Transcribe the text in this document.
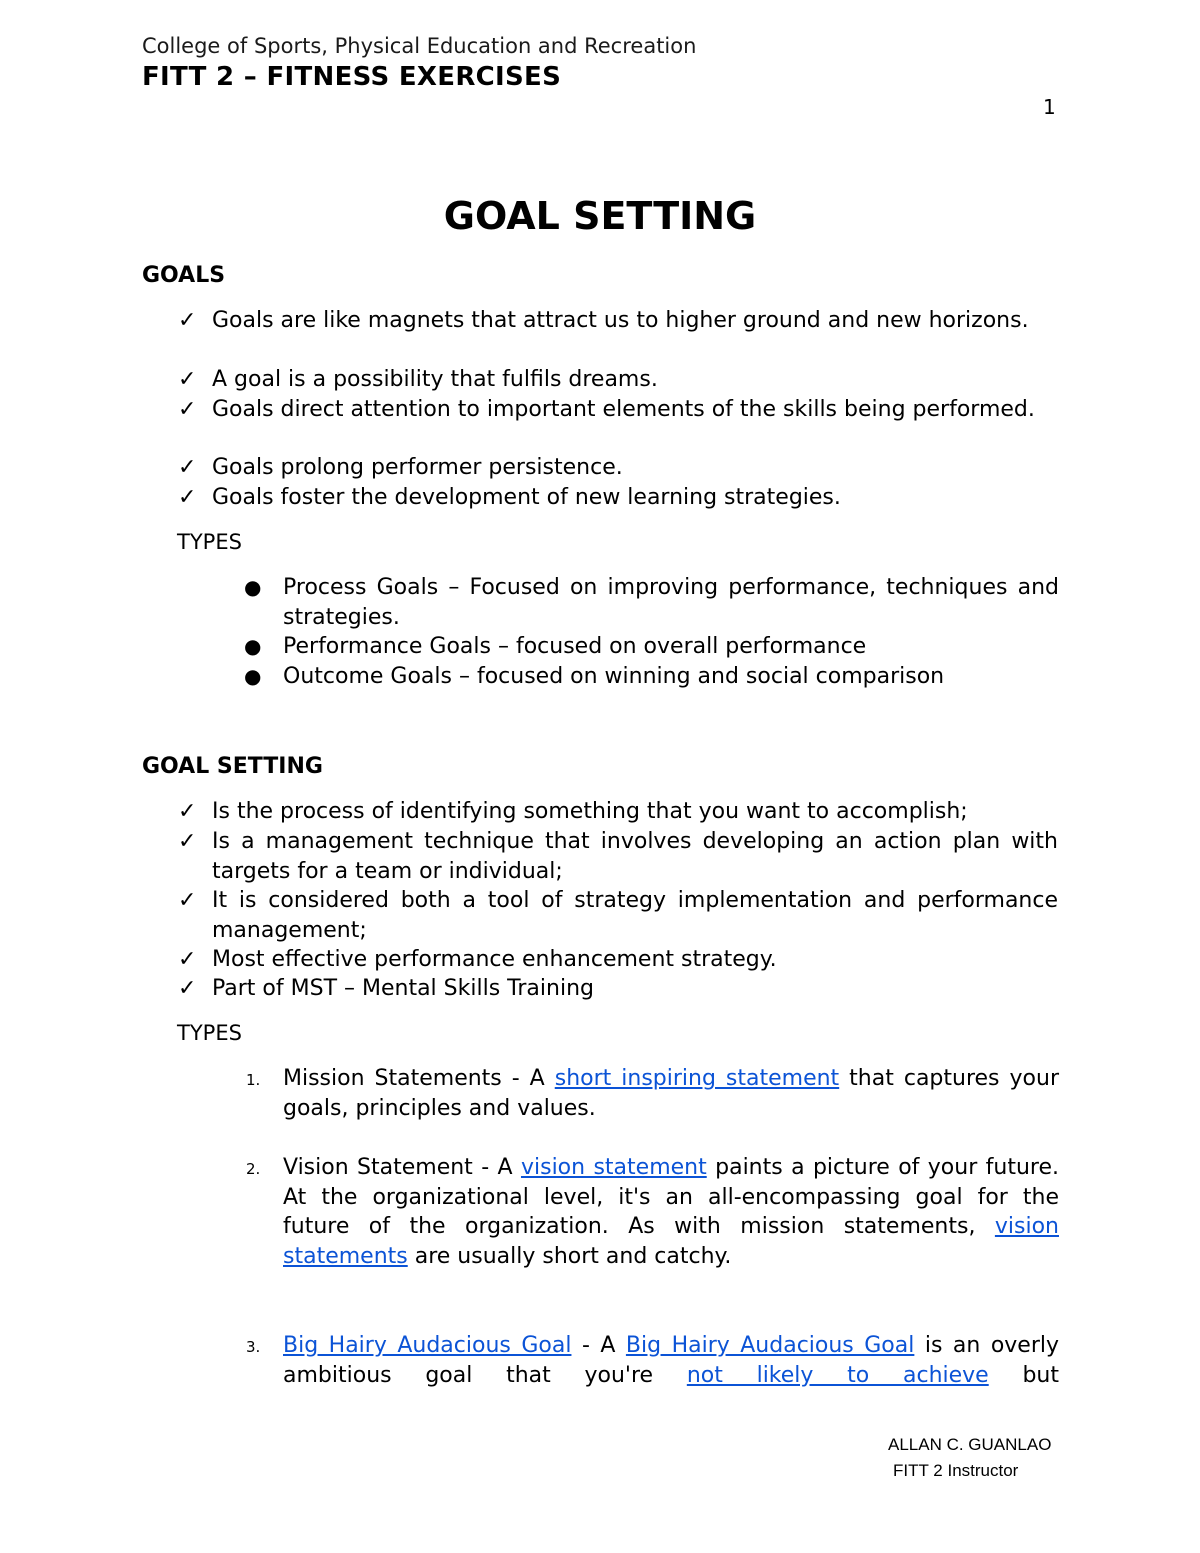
College of Sports, Physical Education and Recreation
FITT 2 – FITNESS EXERCISES
1
GOAL SETTING
GOALS
✓ Goals are like magnets that attract us to higher ground and new horizons.
✓ A goal is a possibility that fulfils dreams.
✓ Goals direct attention to important elements of the skills being performed.
✓ Goals prolong performer persistence.
✓ Goals foster the development of new learning strategies.
TYPES
● Process Goals – Focused on improving performance, techniques and strategies.
● Performance Goals – focused on overall performance
● Outcome Goals – focused on winning and social comparison
GOAL SETTING
✓ Is the process of identifying something that you want to accomplish;
✓ Is a management technique that involves developing an action plan with targets for a team or individual;
✓ It is considered both a tool of strategy implementation and performance management;
✓ Most effective performance enhancement strategy.
✓ Part of MST – Mental Skills Training
TYPES
1. Mission Statements - A short inspiring statement that captures your goals, principles and values.
2. Vision Statement - A vision statement paints a picture of your future. At the organizational level, it's an all-encompassing goal for the future of the organization. As with mission statements, vision statements are usually short and catchy.
3. Big Hairy Audacious Goal - A Big Hairy Audacious Goal is an overly ambitious goal that you're not likely to achieve but
ALLAN C. GUANLAO
FITT 2 Instructor
